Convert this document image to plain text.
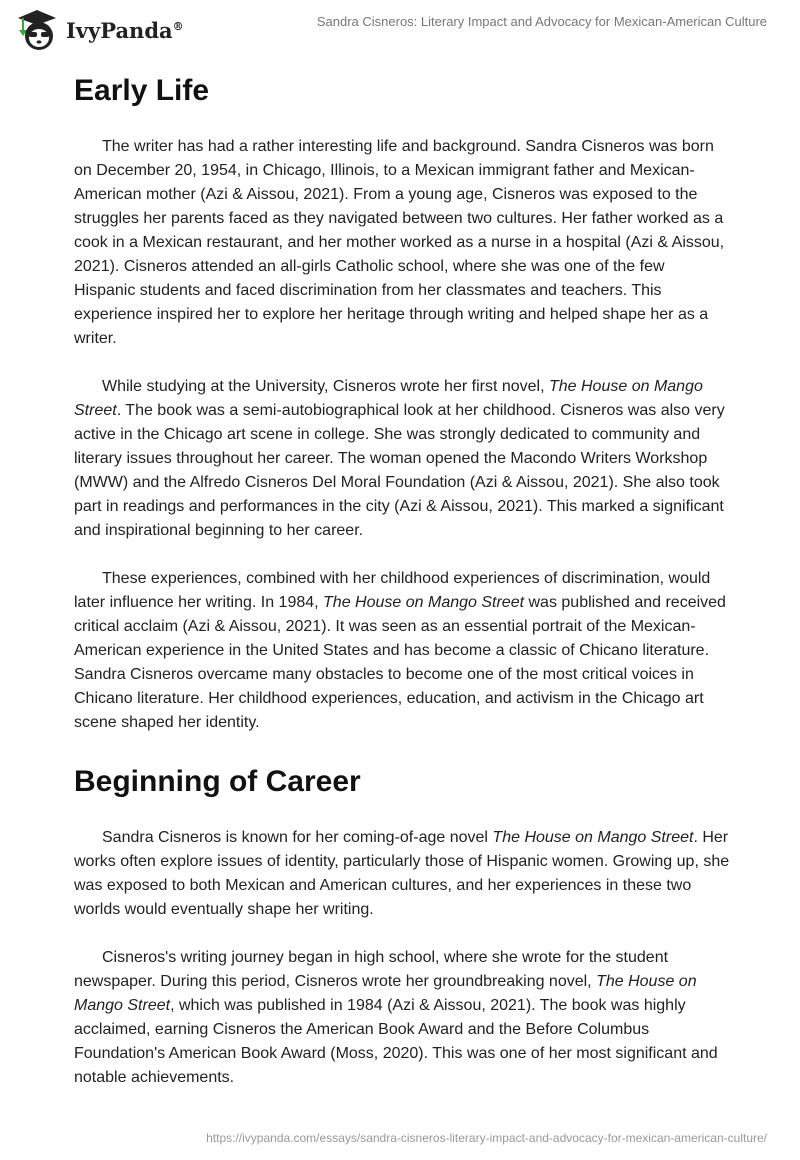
IvyPanda®	Sandra Cisneros: Literary Impact and Advocacy for Mexican-American Culture
Early Life

The writer has had a rather interesting life and background. Sandra Cisneros was born on December 20, 1954, in Chicago, Illinois, to a Mexican immigrant father and Mexican-American mother (Azi & Aissou, 2021). From a young age, Cisneros was exposed to the struggles her parents faced as they navigated between two cultures. Her father worked as a cook in a Mexican restaurant, and her mother worked as a nurse in a hospital (Azi & Aissou, 2021). Cisneros attended an all-girls Catholic school, where she was one of the few Hispanic students and faced discrimination from her classmates and teachers. This experience inspired her to explore her heritage through writing and helped shape her as a writer.

While studying at the University, Cisneros wrote her first novel, The House on Mango Street. The book was a semi-autobiographical look at her childhood. Cisneros was also very active in the Chicago art scene in college. She was strongly dedicated to community and literary issues throughout her career. The woman opened the Macondo Writers Workshop (MWW) and the Alfredo Cisneros Del Moral Foundation (Azi & Aissou, 2021). She also took part in readings and performances in the city (Azi & Aissou, 2021). This marked a significant and inspirational beginning to her career.

These experiences, combined with her childhood experiences of discrimination, would later influence her writing. In 1984, The House on Mango Street was published and received critical acclaim (Azi & Aissou, 2021). It was seen as an essential portrait of the Mexican-American experience in the United States and has become a classic of Chicano literature. Sandra Cisneros overcame many obstacles to become one of the most critical voices in Chicano literature. Her childhood experiences, education, and activism in the Chicago art scene shaped her identity.

Beginning of Career

Sandra Cisneros is known for her coming-of-age novel The House on Mango Street. Her works often explore issues of identity, particularly those of Hispanic women. Growing up, she was exposed to both Mexican and American cultures, and her experiences in these two worlds would eventually shape her writing.

Cisneros's writing journey began in high school, where she wrote for the student newspaper. During this period, Cisneros wrote her groundbreaking novel, The House on Mango Street, which was published in 1984 (Azi & Aissou, 2021). The book was highly acclaimed, earning Cisneros the American Book Award and the Before Columbus Foundation's American Book Award (Moss, 2020). This was one of her most significant and notable achievements.

https://ivypanda.com/essays/sandra-cisneros-literary-impact-and-advocacy-for-mexican-american-culture/
